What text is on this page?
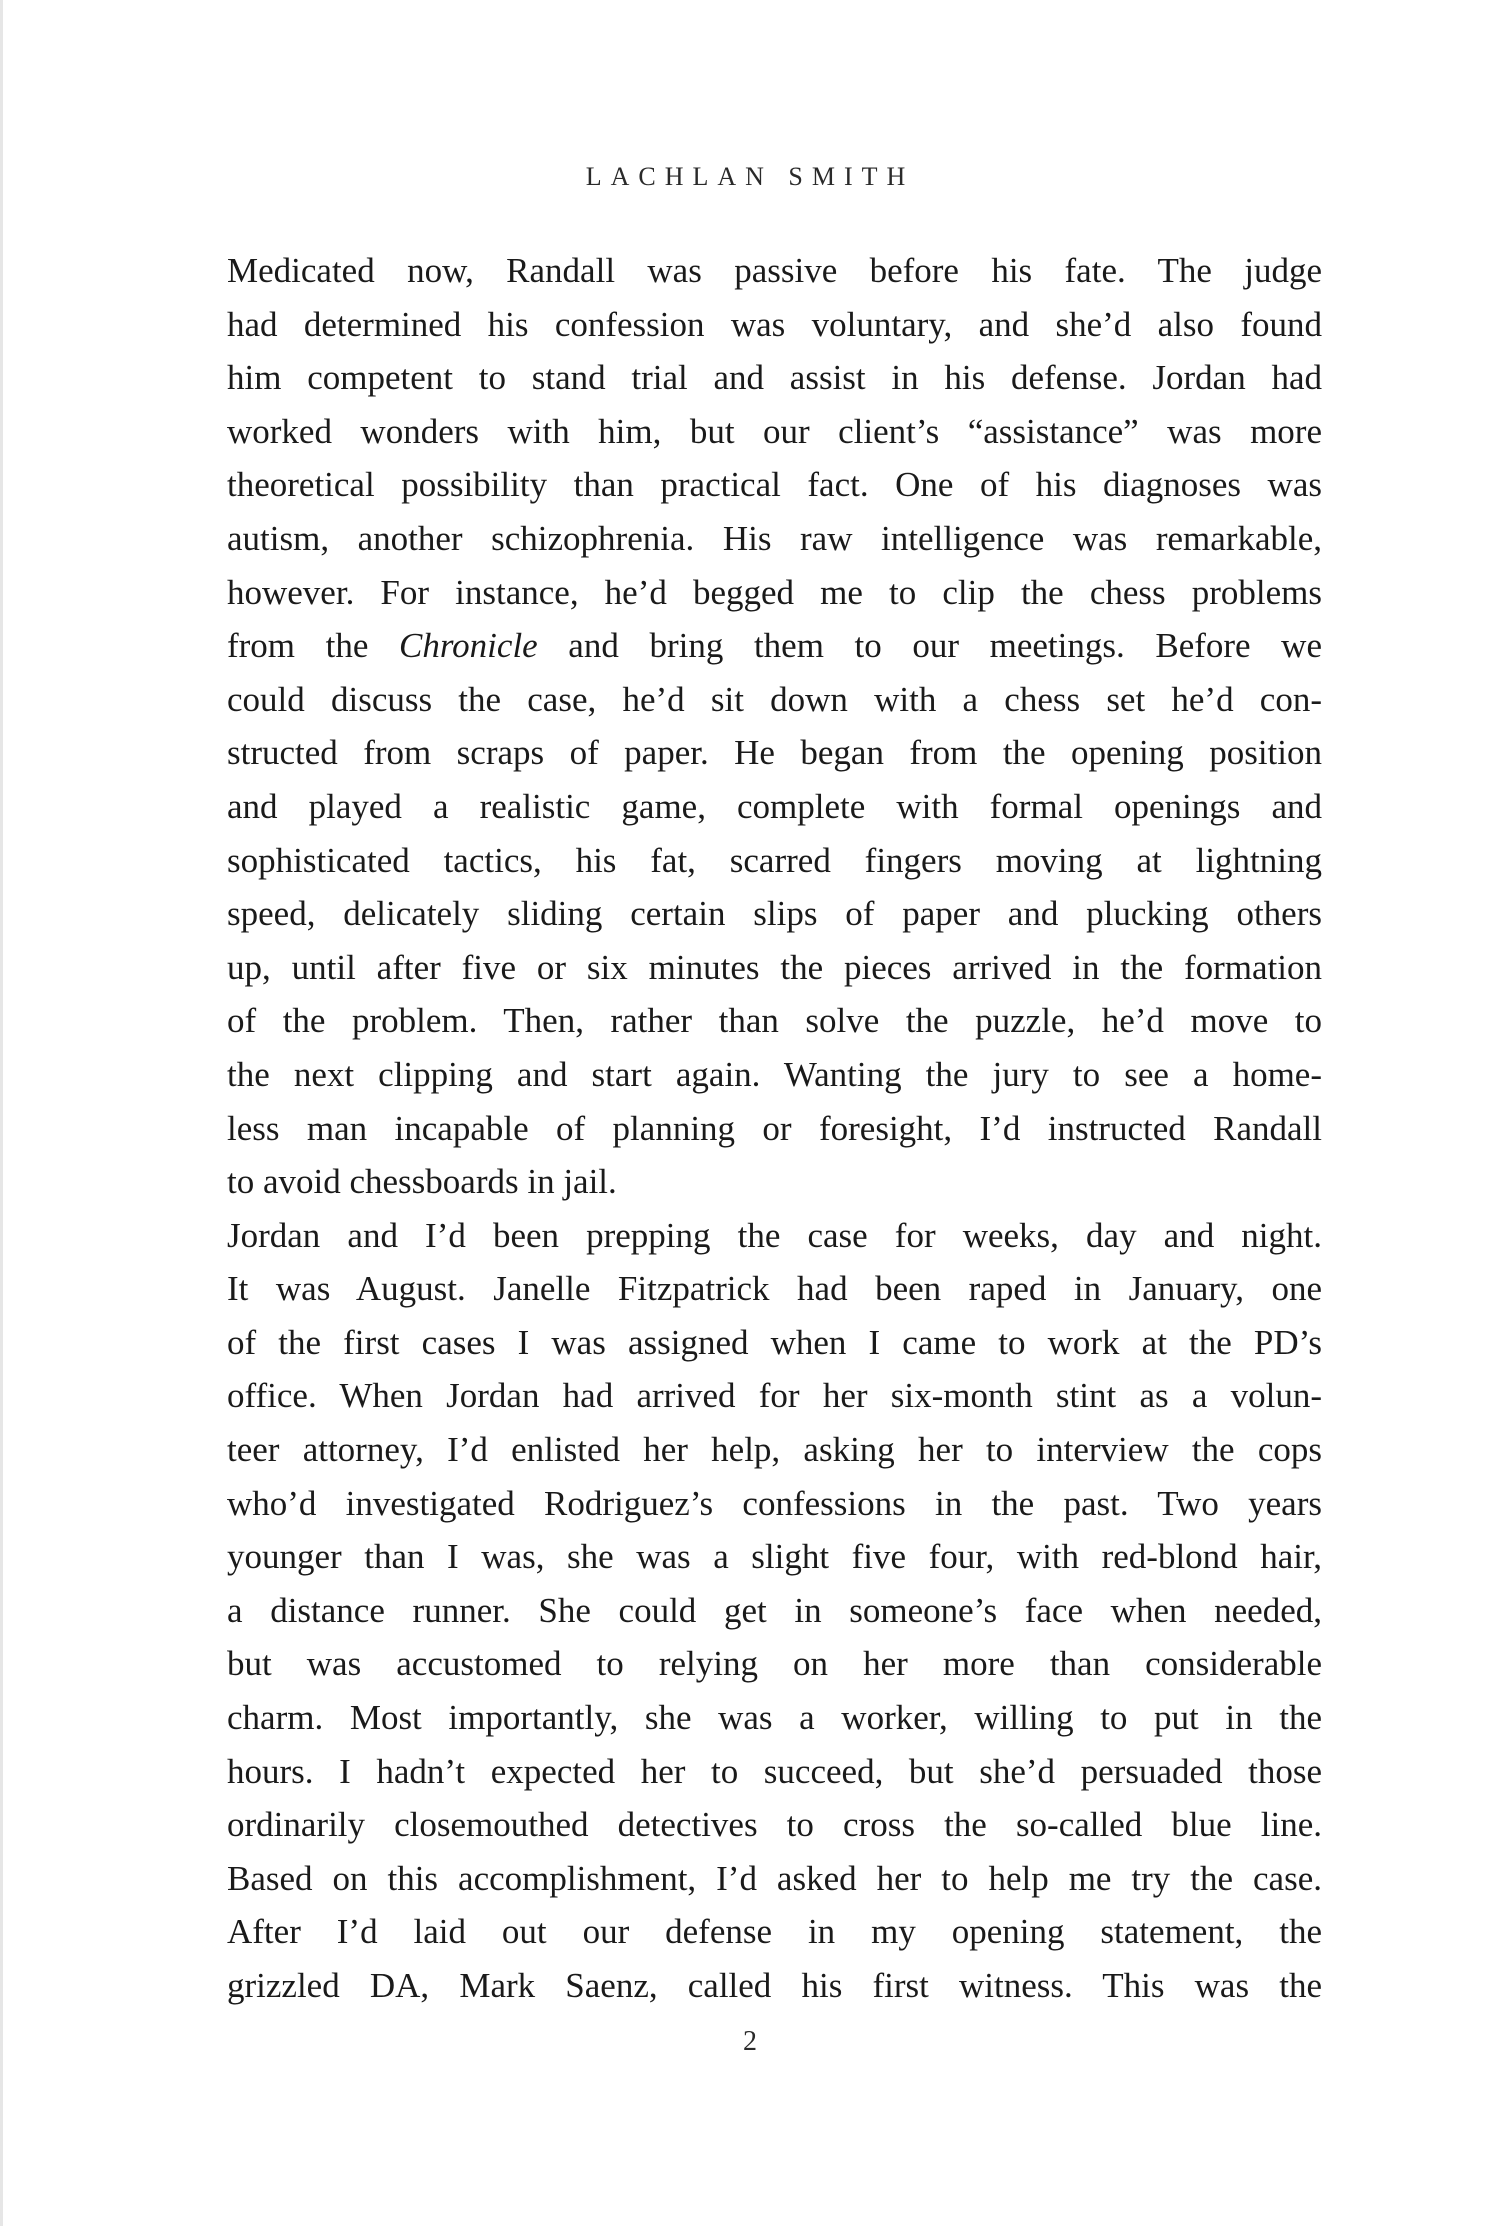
LACHLAN SMITH
Medicated now, Randall was passive before his fate. The judge
had determined his confession was voluntary, and she’d also found
him competent to stand trial and assist in his defense. Jordan had
worked wonders with him, but our client’s “assistance” was more
theoretical possibility than practical fact. One of his diagnoses was
autism, another schizophrenia. His raw intelligence was remarkable,
however. For instance, he’d begged me to clip the chess problems
from the Chronicle and bring them to our meetings. Before we
could discuss the case, he’d sit down with a chess set he’d con-
structed from scraps of paper. He began from the opening position
and played a realistic game, complete with formal openings and
sophisticated tactics, his fat, scarred fingers moving at lightning
speed, delicately sliding certain slips of paper and plucking others
up, until after five or six minutes the pieces arrived in the formation
of the problem. Then, rather than solve the puzzle, he’d move to
the next clipping and start again. Wanting the jury to see a home-
less man incapable of planning or foresight, I’d instructed Randall
to avoid chessboards in jail.
Jordan and I’d been prepping the case for weeks, day and night.
It was August. Janelle Fitzpatrick had been raped in January, one
of the first cases I was assigned when I came to work at the PD’s
office. When Jordan had arrived for her six-month stint as a volun-
teer attorney, I’d enlisted her help, asking her to interview the cops
who’d investigated Rodriguez’s confessions in the past. Two years
younger than I was, she was a slight five four, with red-blond hair,
a distance runner. She could get in someone’s face when needed,
but was accustomed to relying on her more than considerable
charm. Most importantly, she was a worker, willing to put in the
hours. I hadn’t expected her to succeed, but she’d persuaded those
ordinarily closemouthed detectives to cross the so-called blue line.
Based on this accomplishment, I’d asked her to help me try the case.
After I’d laid out our defense in my opening statement, the
grizzled DA, Mark Saenz, called his first witness. This was the
2
